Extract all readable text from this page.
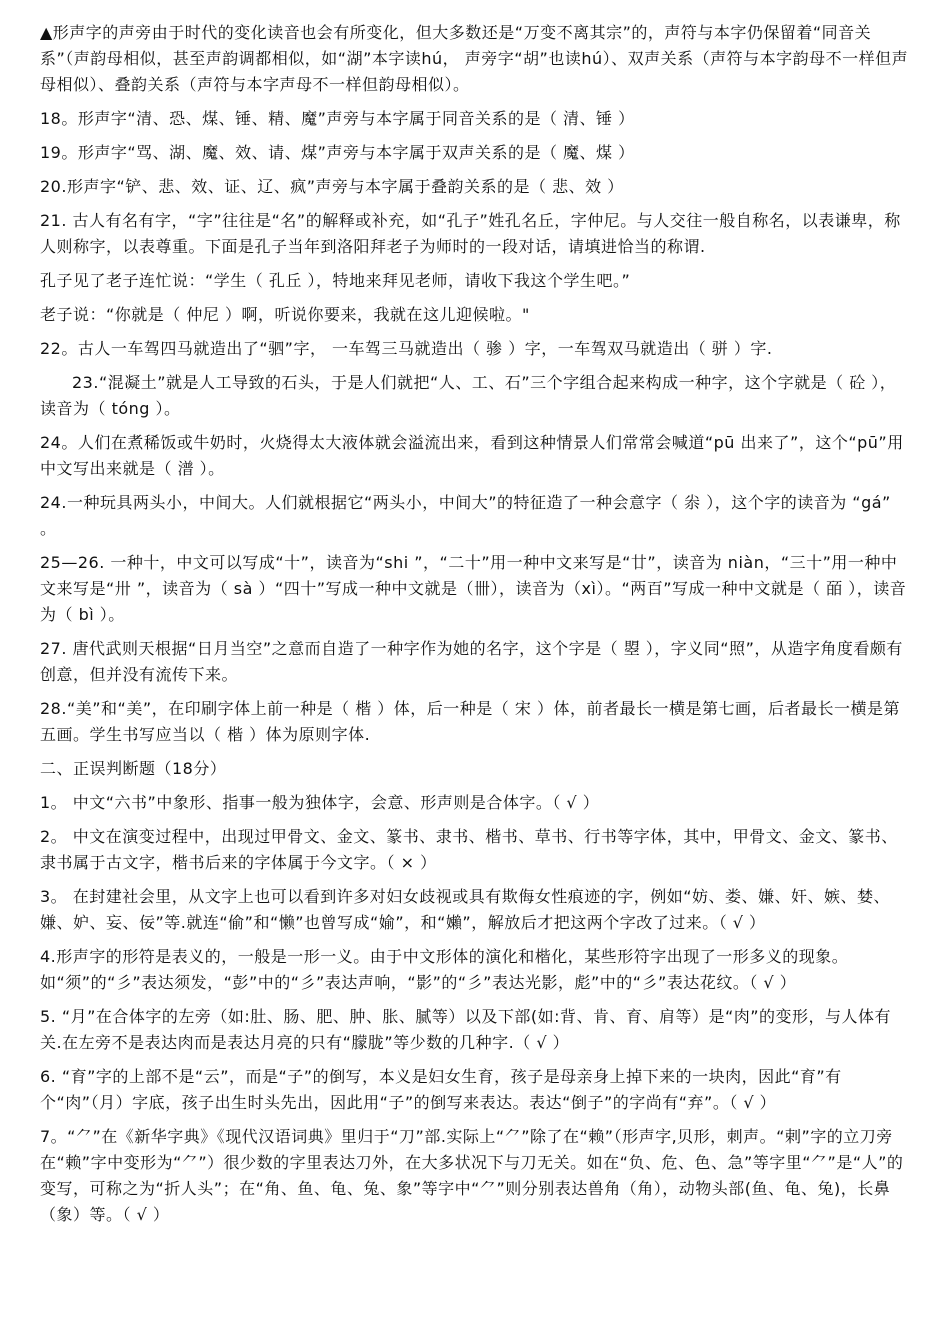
▲形声字的声旁由于时代的变化读音也会有所变化，但大多数还是“万变不离其宗”的，声符与本字仍保留着“同音关系”（声韵母相似，甚至声韵调都相似，如“湖”本字读hú， 声旁字“胡”也读hú）、双声关系（声符与本字韵母不一样但声母相似）、叠韵关系（声符与本字声母不一样但韵母相似）。

18。形声字“清、恐、煤、锤、精、魔”声旁与本字属于同音关系的是（ 清、锤 ）

19。形声字“骂、湖、魔、效、请、煤”声旁与本字属于双声关系的是（ 魔、煤 ）

20.形声字“铲、悲、效、证、辽、疯”声旁与本字属于叠韵关系的是（ 悲、效 ）

21. 古人有名有字，“字”往往是“名”的解释或补充，如“孔子”姓孔名丘，字仲尼。与人交往一般自称名，以表谦卑，称人则称字，以表尊重。下面是孔子当年到洛阳拜老子为师时的一段对话，请填进恰当的称谓.

孔子见了老子连忙说：“学生（ 孔丘 ），特地来拜见老师，请收下我这个学生吧。”

老子说：“你就是（ 仲尼 ）啊，听说你要来，我就在这儿迎候啦。"

22。古人一车驾四马就造出了“驷”字， 一车驾三马就造出（ 骖 ）字，一车驾双马就造出（ 骈 ）字.

23.“混凝土”就是人工导致的石头，于是人们就把“人、工、石”三个字组合起来构成一种字，这个字就是（ 砼 ），读音为（ tóng ）。

24。人们在煮稀饭或牛奶时，火烧得太大液体就会溢流出来，看到这种情景人们常常会喊道“pū 出来了”，这个“pū”用中文写出来就是（ 潽 ）。

24.一种玩具两头小，中间大。人们就根据它“两头小，中间大”的特征造了一种会意字（ 尜 ），这个字的读音为 “gá” 。

25—26. 一种十，中文可以写成“十”，读音为“shi ”，“二十”用一种中文来写是“廿”，读音为 niàn，“三十”用一种中文来写是“卅 ”，读音为（ sà ）“四十”写成一种中文就是（卌），读音为（xì）。“两百”写成一种中文就是（ 皕 ），读音为（ bì ）。

27. 唐代武则天根据“日月当空”之意而自造了一种字作为她的名字，这个字是（ 曌 ），字义同“照”，从造字角度看颇有创意，但并没有流传下来。

28.“美”和“美”，在印刷字体上前一种是（ 楷 ）体，后一种是（ 宋 ）体，前者最长一横是第七画，后者最长一横是第五画。学生书写应当以（ 楷 ）体为原则字体.

二、正误判断题（18分）

1。 中文“六书”中象形、指事一般为独体字，会意、形声则是合体字。（ √ ）

2。 中文在演变过程中，出现过甲骨文、金文、篆书、隶书、楷书、草书、行书等字体，其中，甲骨文、金文、篆书、隶书属于古文字，楷书后来的字体属于今文字。（ × ）

3。 在封建社会里，从文字上也可以看到许多对妇女歧视或具有欺侮女性痕迹的字，例如“妨、娄、嫌、奸、嫉、婪、嫌、妒、妄、佞”等.就连“偷”和“懒”也曾写成“媮”，和“嬾”，解放后才把这两个字改了过来。（ √ ）

4.形声字的形符是表义的，一般是一形一义。由于中文形体的演化和楷化，某些形符字出现了一形多义的现象。 如“须”的“彡”表达须发，“彭”中的“彡”表达声响，“影”的“彡”表达光影，彪”中的“彡”表达花纹。（ √ ）

5. “月”在合体字的左旁（如:肚、肠、肥、肿、胀、腻等）以及下部(如:背、肯、育、肩等）是“肉”的变形，与人体有关.在左旁不是表达肉而是表达月亮的只有“朦胧”等少数的几种字.（ √ ）

6. “育”字的上部不是“云”，而是“子”的倒写，本义是妇女生育，孩子是母亲身上掉下来的一块肉，因此“育”有个“肉”（月）字底，孩子出生时头先出，因此用“子”的倒写来表达。表达“倒子”的字尚有“弃”。（ √ ）

7。“⺈”在《新华字典》《现代汉语词典》里归于“刀”部.实际上“⺈”除了在“赖”（形声字,贝形，刺声。“剌”字的立刀旁在“赖”字中变形为“⺈”）很少数的字里表达刀外，在大多状况下与刀无关。如在“负、危、色、急”等字里“⺈”是“人”的变写，可称之为“折人头”；在“角、鱼、龟、兔、象”等字中“⺈”则分别表达兽角（角），动物头部(鱼、龟、兔)，长鼻（象）等。（ √ ）
